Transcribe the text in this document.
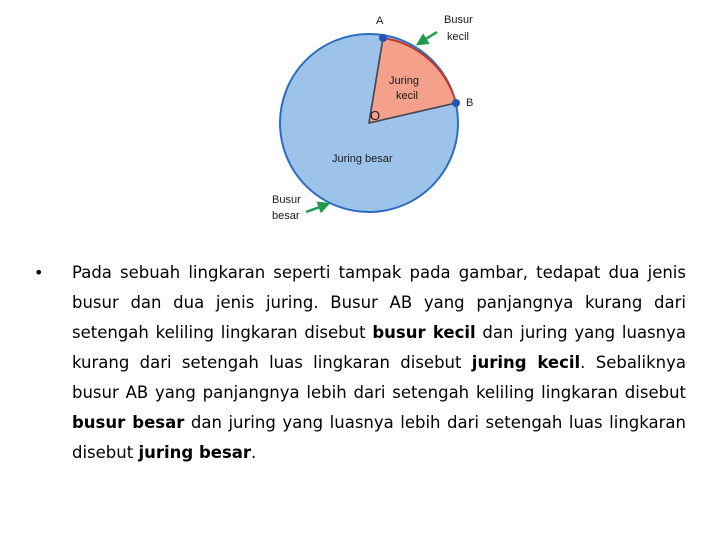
A
B
O
Busur
kecil
Juring
kecil
Juring besar
Busur
besar
•	Pada sebuah lingkaran seperti tampak pada gambar, tedapat dua jenis busur dan dua jenis juring. Busur AB yang panjangnya kurang dari setengah keliling lingkaran disebut busur kecil dan juring yang luasnya kurang dari setengah luas lingkaran disebut juring kecil. Sebaliknya busur AB yang panjangnya lebih dari setengah keliling lingkaran disebut busur besar dan juring yang luasnya lebih dari setengah luas lingkaran disebut juring besar.
